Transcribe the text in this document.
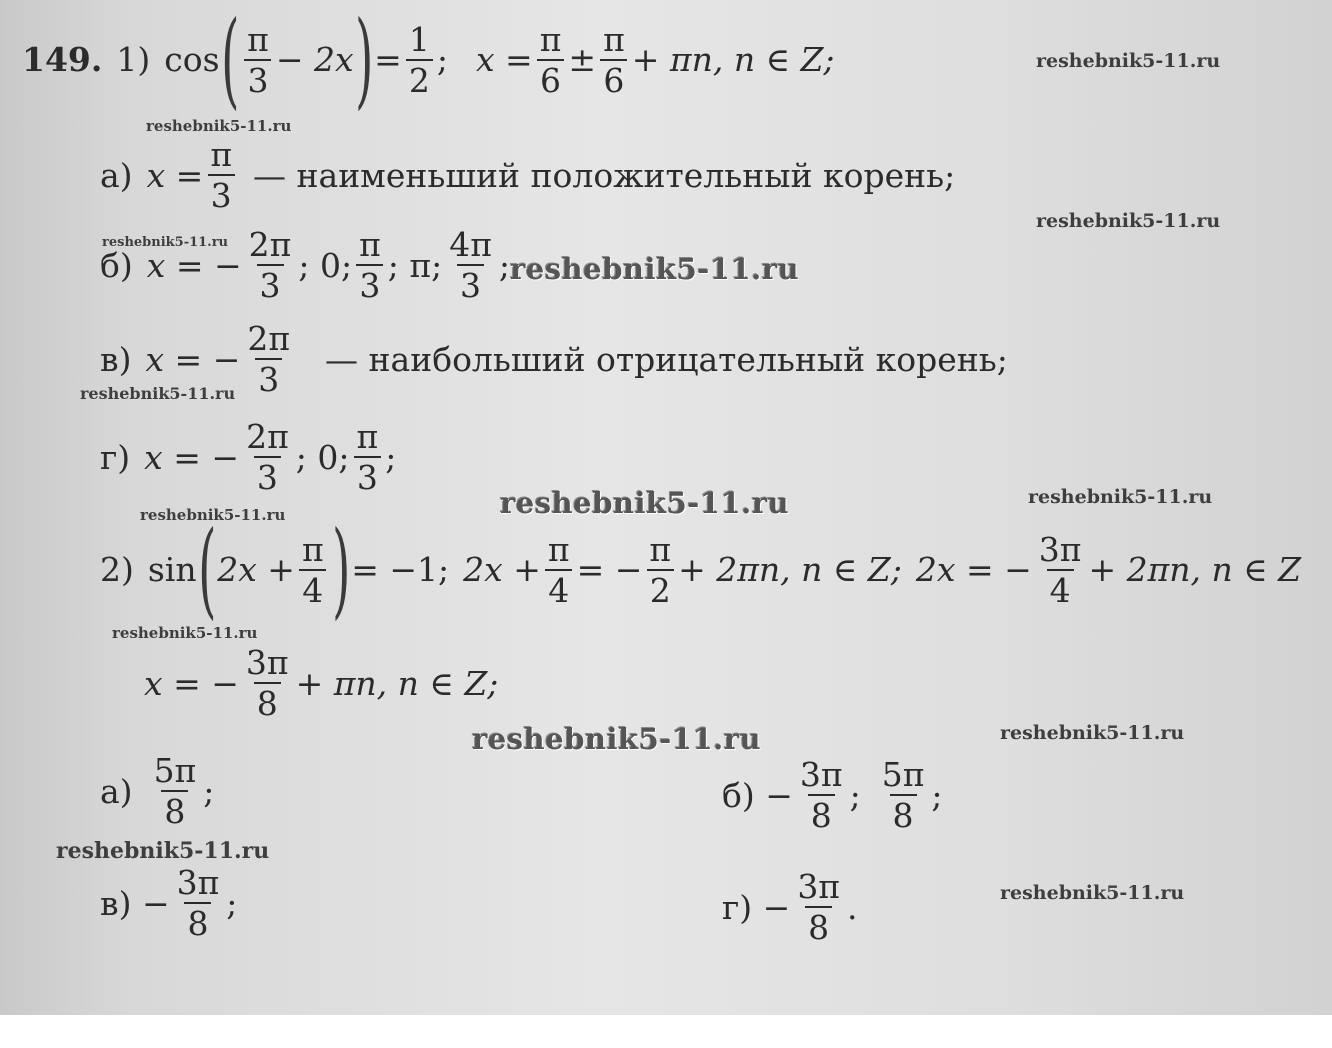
149. 1) cos ( $\frac{\pi}{3} - 2x$ ) = $\frac{1}{2}$ ; $x = \frac{\pi}{6} \pm \frac{\pi}{6} + \pi n$, n ∈ Z;
а) $x = \frac{\pi}{3}$ — наименьший положительный корень;
б) x = − $\frac{2\pi}{3}$ ; 0; $\frac{\pi}{3}$ ; π; $\frac{4\pi}{3}$ ;
в) x = − $\frac{2\pi}{3}$ — наибольший отрицательный корень;
г) x = − $\frac{2\pi}{3}$ ; 0; $\frac{\pi}{3}$ ;
2) sin ( $2x + \frac{\pi}{4}$ ) = −1; $2x + \frac{\pi}{4}$ = − $\frac{\pi}{2} + 2\pi n$, n ∈ Z; 2x = − $\frac{3\pi}{4} + 2\pi n$, n ∈ Z
x = − $\frac{3\pi}{8} + \pi n$, n ∈ Z;
$а) \frac{5\pi}{8}$ ;	$б) - \frac{3\pi}{8}$ ; $\frac{5\pi}{8}$ ;
$в) - \frac{3\pi}{8}$ ;	$г) - \frac{3\pi}{8}$ .
reshebnik5-11.ru
reshebnik5-11.ru
reshebnik5-11.ru
reshebnik5-11.ru
reshebnik5-11.ru
reshebnik5-11.ru
reshebnik5-11.ru	reshebnik5-11.ru
reshebnik5-11.ru
reshebnik5-11.ru
reshebnik5-11.ru	reshebnik5-11.ru
reshebnik5-11.ru
reshebnik5-11.ru
